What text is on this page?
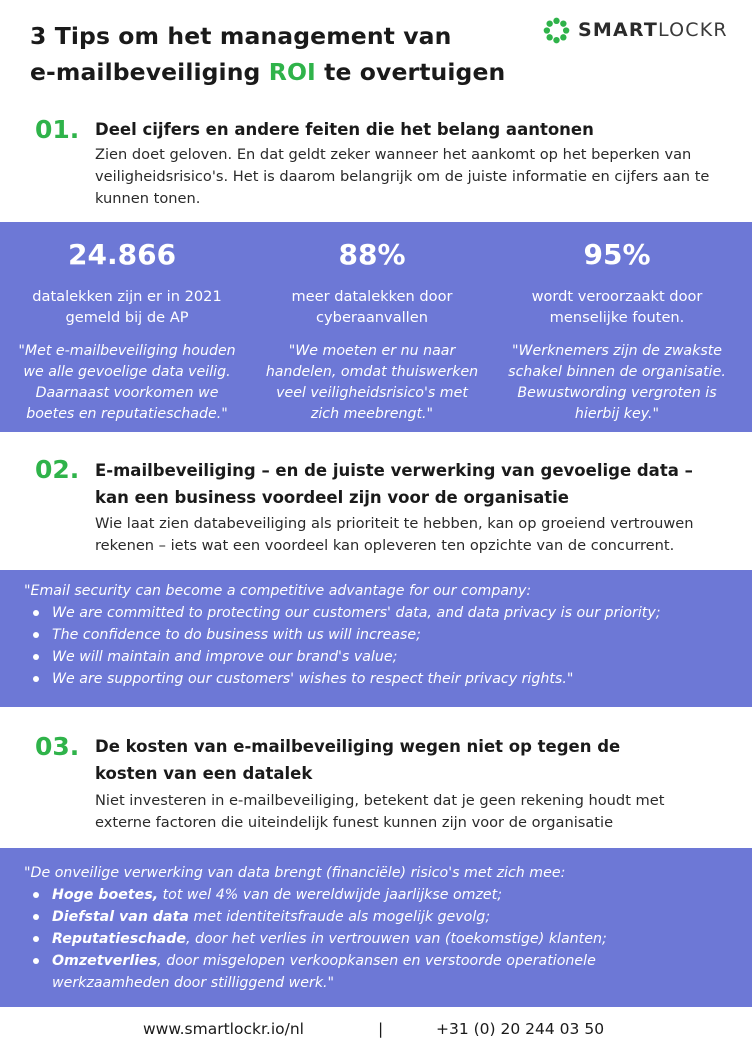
3 Tips om het management van
e-mailbeveiliging ROI te overtuigen
SMARTLOCKR
01. Deel cijfers en andere feiten die het belang aantonen
Zien doet geloven. En dat geldt zeker wanneer het aankomt op het beperken van veiligheidsrisico's. Het is daarom belangrijk om de juiste informatie en cijfers aan te kunnen tonen.
24.866
datalekken zijn er in 2021
gemeld bij de AP
"Met e-mailbeveiliging houden
we alle gevoelige data veilig.
Daarnaast voorkomen we
boetes en reputatieschade."
88%
meer datalekken door
cyberaanvallen
"We moeten er nu naar
handelen, omdat thuiswerken
veel veiligheidsrisico's met
zich meebrengt."
95%
wordt veroorzaakt door
menselijke fouten.
"Werknemers zijn de zwakste
schakel binnen de organisatie.
Bewustwording vergroten is
hierbij key."
02. E-mailbeveiliging – en de juiste verwerking van gevoelige data –
kan een business voordeel zijn voor de organisatie
Wie laat zien databeveiliging als prioriteit te hebben, kan op groeiend vertrouwen
rekenen – iets wat een voordeel kan opleveren ten opzichte van de concurrent.
"Email security can become a competitive advantage for our company:
We are committed to protecting our customers' data, and data privacy is our priority;
The confidence to do business with us will increase;
We will maintain and improve our brand's value;
We are supporting our customers' wishes to respect their privacy rights."
03. De kosten van e-mailbeveiliging wegen niet op tegen de
kosten van een datalek
Niet investeren in e-mailbeveiliging, betekent dat je geen rekening houdt met
externe factoren die uiteindelijk funest kunnen zijn voor de organisatie
"De onveilige verwerking van data brengt (financiële) risico's met zich mee:
Hoge boetes, tot wel 4% van de wereldwijde jaarlijkse omzet;
Diefstal van data met identiteitsfraude als mogelijk gevolg;
Reputatieschade, door het verlies in vertrouwen van (toekomstige) klanten;
Omzetverlies, door misgelopen verkoopkansen en verstoorde operationele
werkzaamheden door stilliggend werk."
www.smartlockr.io/nl	|	+31 (0) 20 244 03 50
